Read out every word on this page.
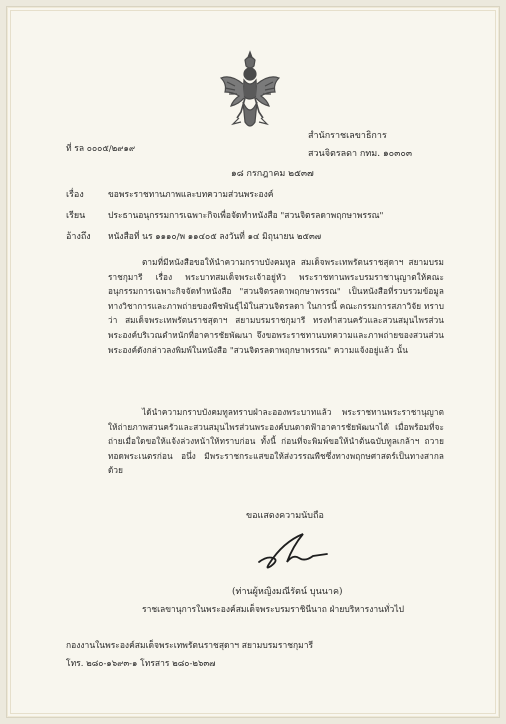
ที่ รล ๐๐๐๕/๒๙๑๙
สำนักราชเลขาธิการ
สวนจิตรลดา กทม. ๑๐๓๐๓
๑๘ กรกฎาคม ๒๕๓๗
เรื่อง	ขอพระราชทานภาพและบทความส่วนพระองค์
เรียน	ประธานอนุกรรมการเฉพาะกิจเพื่อจัดทำหนังสือ "สวนจิตรลดาพฤกษาพรรณ"
อ้างถึง หนังสือที่ นร ๑๑๑๐/พ ๑๑๔๐๕ ลงวันที่ ๑๔ มิถุนายน ๒๕๓๗
ตามที่มีหนังสือขอให้นำความกราบบังคมทูล สมเด็จพระเทพรัตนราชสุดาฯ สยามบรมราชกุมารี เรื่อง พระบาทสมเด็จพระเจ้าอยู่หัว พระราชทานพระบรมราชานุญาตให้คณะอนุกรรมการเฉพาะกิจจัดทำหนังสือ "สวนจิตรลดาพฤกษาพรรณ" เป็นหนังสือที่รวบรวมข้อมูลทางวิชาการและภาพถ่ายของพืชพันธุ์ไม้ในสวนจิตรลดา ในการนี้ คณะกรรมการสภาวิจัย ทราบว่า สมเด็จพระเทพรัตนราชสุดาฯ สยามบรมราชกุมารี ทรงทำสวนครัวและสวนสมุนไพรส่วนพระองค์บริเวณตำหนักที่อาคารชัยพัฒนา จึงขอพระราชทานบทความและภาพถ่ายของสวนส่วนพระองค์ดังกล่าวลงพิมพ์ในหนังสือ "สวนจิตรลดาพฤกษาพรรณ" ความแจ้งอยู่แล้ว นั้น
ได้นำความกราบบังคมทูลทราบฝ่าละอองพระบาทแล้ว พระราชทานพระราชานุญาตให้ถ่ายภาพสวนครัวและสวนสมุนไพรส่วนพระองค์บนดาดฟ้าอาคารชัยพัฒนาได้ เมื่อพร้อมที่จะถ่ายเมื่อใดขอให้แจ้งล่วงหน้าให้ทราบก่อน ทั้งนี้ ก่อนที่จะพิมพ์ขอให้นำต้นฉบับทูลเกล้าฯ ถวายทอดพระเนตรก่อน อนึ่ง มีพระราชกระแสขอให้ส่งวรรณพืชซึ่งทางพฤกษศาสตร์เป็นทางสากลด้วย
ขอแสดงความนับถือ
(ท่านผู้หญิงมณีรัตน์ บุนนาค)
ราชเลขานุการในพระองค์สมเด็จพระบรมราชินีนาถ ฝ่ายบริหารงานทั่วไป
กองงานในพระองค์สมเด็จพระเทพรัตนราชสุดาฯ สยามบรมราชกุมารี
โทร. ๒๘๐-๑๖๙๓-๑ โทรสาร ๒๘๐-๒๖๓๗
